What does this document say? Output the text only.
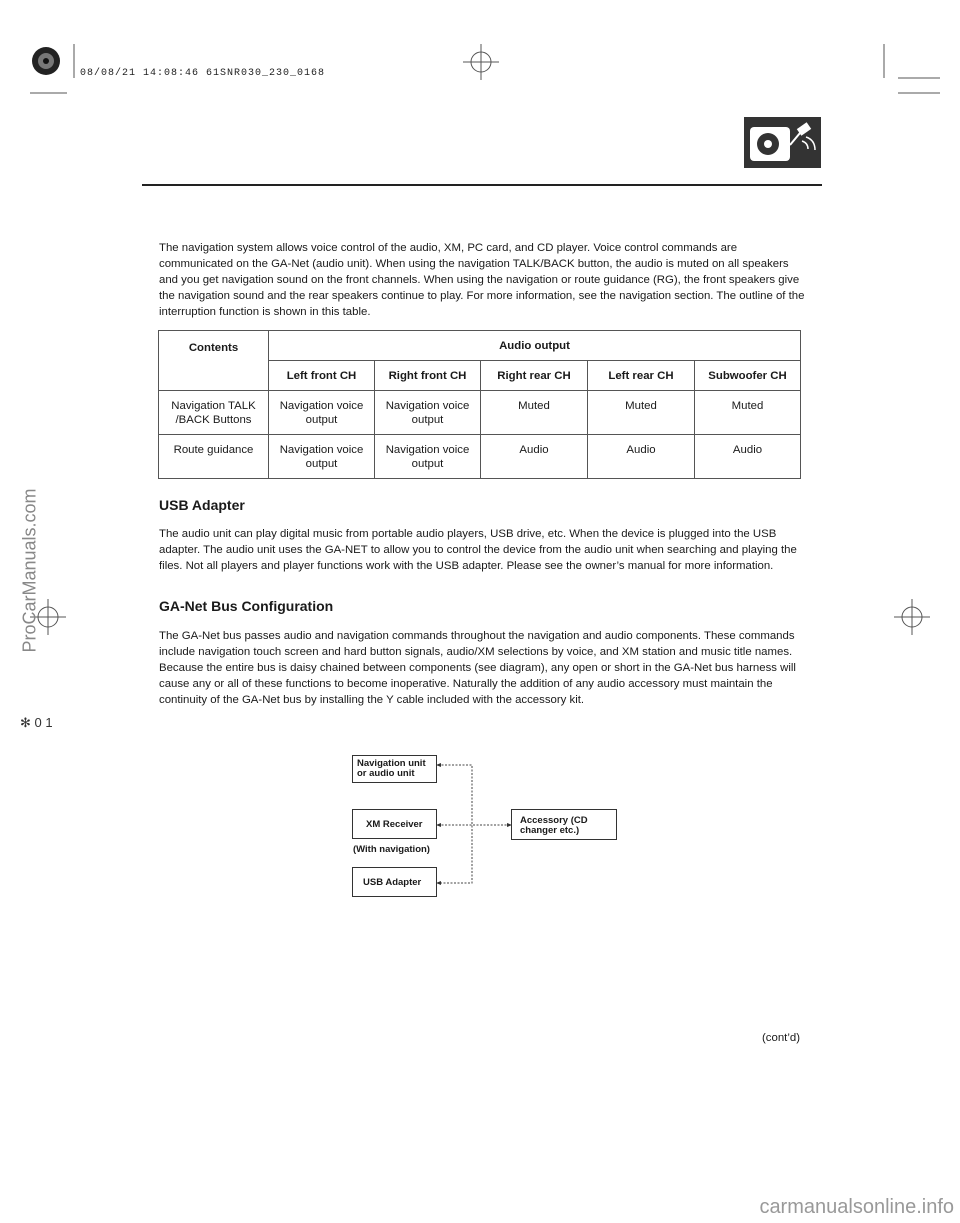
08/08/21 14:08:46 61SNR030_230_0168

The navigation system allows voice control of the audio, XM, PC card, and CD player. Voice control commands are communicated on the GA-Net (audio unit). When using the navigation TALK/BACK button, the audio is muted on all speakers and you get navigation sound on the front channels. When using the navigation or route guidance (RG), the front speakers give the navigation sound and the rear speakers continue to play. For more information, see the navigation section. The outline of the interruption function is shown in this table.

Contents	Audio output				
	Left front CH	Right front CH	Right rear CH	Left rear CH	Subwoofer CH
Navigation TALK /BACK Buttons	Navigation voice output	Navigation voice output	Muted	Muted	Muted
Route guidance	Navigation voice output	Navigation voice output	Audio	Audio	Audio
USB Adapter

The audio unit can play digital music from portable audio players, USB drive, etc. When the device is plugged into the USB adapter. The audio unit uses the GA-NET to allow you to control the device from the audio unit when searching and playing the files. Not all players and player functions work with the USB adapter. Please see the owner’s manual for more information.

GA-Net Bus Configuration

The GA-Net bus passes audio and navigation commands throughout the navigation and audio components. These commands include navigation touch screen and hard button signals, audio/XM selections by voice, and XM station and music title names. Because the entire bus is daisy chained between components (see diagram), any open or short in the GA-Net bus harness will cause any or all of these functions to become inoperative. Naturally the addition of any audio accessory must maintain the continuity of the GA-Net bus by installing the Y cable included with the accessory kit.

Navigation unit or audio unit
XM Receiver
(With navigation)
USB Adapter
Accessory (CD changer etc.)
(cont’d)
ProCarManuals.com
✻ 0 1
carmanualsonline.info
